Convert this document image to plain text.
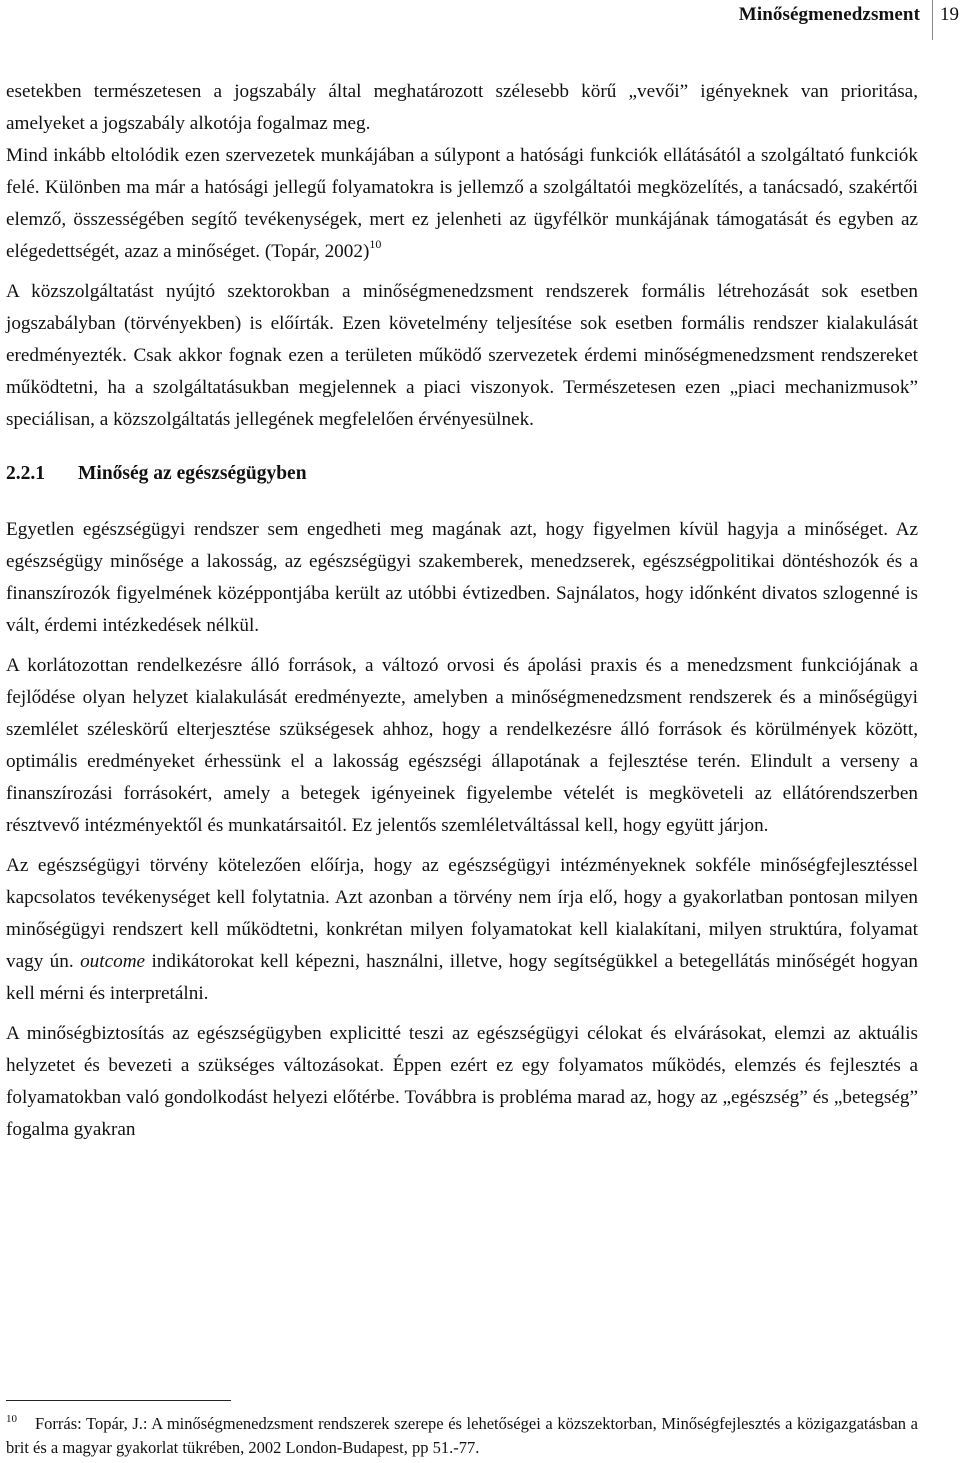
Minőségmenedzsment 19

esetekben természetesen a jogszabály által meghatározott szélesebb körű „vevői” igényeknek van prioritása, amelyeket a jogszabály alkotója fogalmaz meg.

Mind inkább eltolódik ezen szervezetek munkájában a súlypont a hatósági funkciók ellátásától a szolgáltató funkciók felé. Különben ma már a hatósági jellegű folyamatokra is jellemző a szolgáltatói megközelítés, a tanácsadó, szakértői elemző, összességében segítő tevékenységek, mert ez jelenheti az ügyfélkör munkájának támogatását és egyben az elégedettségét, azaz a minőséget. (Topár, 2002)$^{10}$

A közszolgáltatást nyújtó szektorokban a minőségmenedzsment rendszerek formális létrehozását sok esetben jogszabályban (törvényekben) is előírták. Ezen követelmény teljesítése sok esetben formális rendszer kialakulását eredményezték. Csak akkor fognak ezen a területen működő szervezetek érdemi minőségmenedzsment rendszereket működtetni, ha a szolgáltatásukban megjelennek a piaci viszonyok. Természetesen ezen „piaci mechanizmusok” speciálisan, a közszolgáltatás jellegének megfelelően érvényesülnek.

2.2.1 Minőség az egészségügyben

Egyetlen egészségügyi rendszer sem engedheti meg magának azt, hogy figyelmen kívül hagyja a minőséget. Az egészségügy minősége a lakosság, az egészségügyi szakemberek, menedzserek, egészségpolitikai döntéshozók és a finanszírozók figyelmének középpontjába került az utóbbi évtizedben. Sajnálatos, hogy időnként divatos szlogenné is vált, érdemi intézkedések nélkül.

A korlátozottan rendelkezésre álló források, a változó orvosi és ápolási praxis és a menedzsment funkciójának a fejlődése olyan helyzet kialakulását eredményezte, amelyben a minőségmenedzsment rendszerek és a minőségügyi szemlélet széleskörű elterjesztése szükségesek ahhoz, hogy a rendelkezésre álló források és körülmények között, optimális eredményeket érhessünk el a lakosság egészségi állapotának a fejlesztése terén. Elindult a verseny a finanszírozási forrásokért, amely a betegek igényeinek figyelembe vételét is megköveteli az ellátórendszerben résztvevő intézményektől és munkatársaitól. Ez jelentős szemléletváltással kell, hogy együtt járjon.

Az egészségügyi törvény kötelezően előírja, hogy az egészségügyi intézményeknek sokféle minőségfejlesztéssel kapcsolatos tevékenységet kell folytatnia. Azt azonban a törvény nem írja elő, hogy a gyakorlatban pontosan milyen minőségügyi rendszert kell működtetni, konkrétan milyen folyamatokat kell kialakítani, milyen struktúra, folyamat vagy ún. outcome indikátorokat kell képezni, használni, illetve, hogy segítségükkel a betegellátás minőségét hogyan kell mérni és interpretálni.

A minőségbiztosítás az egészségügyben explicitté teszi az egészségügyi célokat és elvárásokat, elemzi az aktuális helyzetet és bevezeti a szükséges változásokat. Éppen ezért ez egy folyamatos működés, elemzés és fejlesztés a folyamatokban való gondolkodást helyezi előtérbe. Továbbra is probléma marad az, hogy az „egészség” és „betegség” fogalma gyakran

$^{10}$ Forrás: Topár, J.: A minőségmenedzsment rendszerek szerepe és lehetőségei a közszektorban, Minőségfejlesztés a közigazgatásban a brit és a magyar gyakorlat tükrében, 2002 London-Budapest, pp 51.-77.
